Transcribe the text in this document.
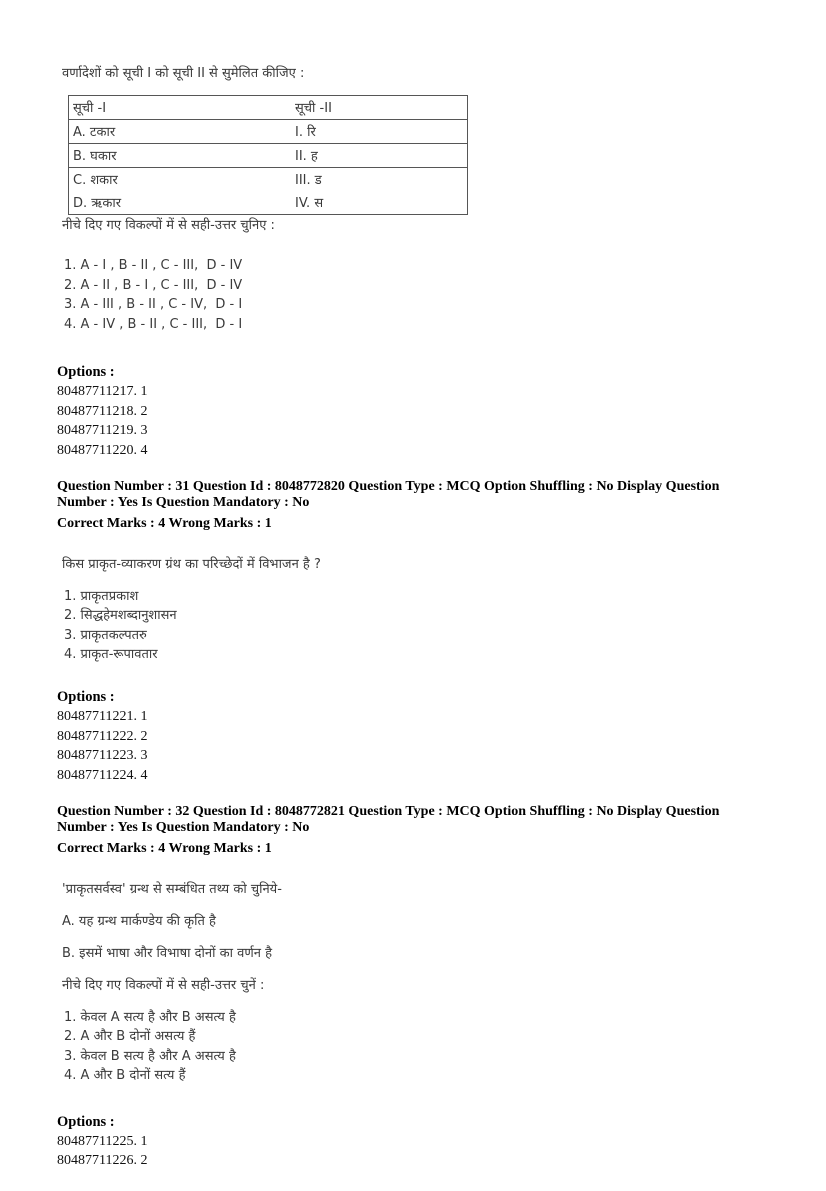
वर्णादेशों को सूची I को सूची II से सुमेलित कीजिए :

सूची -I	सूची -II
A. टकार	I. रि
B. घकार	II. ह
C. शकार	III. ड
D. ऋकार	IV. स

नीचे दिए गए विकल्पों में से सही-उत्तर चुनिए :

1. A - I , B - II , C - III,  D - IV
2. A - II , B - I , C - III,  D - IV
3. A - III , B - II , C - IV,  D - I
4. A - IV , B - II , C - III,  D - I

Options :

80487711217. 1
80487711218. 2
80487711219. 3
80487711220. 4

Question Number : 31 Question Id : 8048772820 Question Type : MCQ Option Shuffling : No Display Question Number : Yes Is Question Mandatory : No

Correct Marks : 4 Wrong Marks : 1

किस प्राकृत-व्याकरण ग्रंथ का परिच्छेदों में विभाजन है ?

1. प्राकृतप्रकाश
2. सिद्धहेमशब्दानुशासन
3. प्राकृतकल्पतरु
4. प्राकृत-रूपावतार

Options :

80487711221. 1
80487711222. 2
80487711223. 3
80487711224. 4

Question Number : 32 Question Id : 8048772821 Question Type : MCQ Option Shuffling : No Display Question Number : Yes Is Question Mandatory : No

Correct Marks : 4 Wrong Marks : 1

'प्राकृतसर्वस्व' ग्रन्थ से सम्बंधित तथ्य को चुनिये-

A. यह ग्रन्थ मार्कण्डेय की कृति है

B. इसमें भाषा और विभाषा दोनों का वर्णन है

नीचे दिए गए विकल्पों में से सही-उत्तर चुनें :

1. केवल A सत्य है और B असत्य है
2. A और B दोनों असत्य हैं
3. केवल B सत्य है और A असत्य है
4. A और B दोनों सत्य हैं

Options :

80487711225. 1
80487711226. 2
